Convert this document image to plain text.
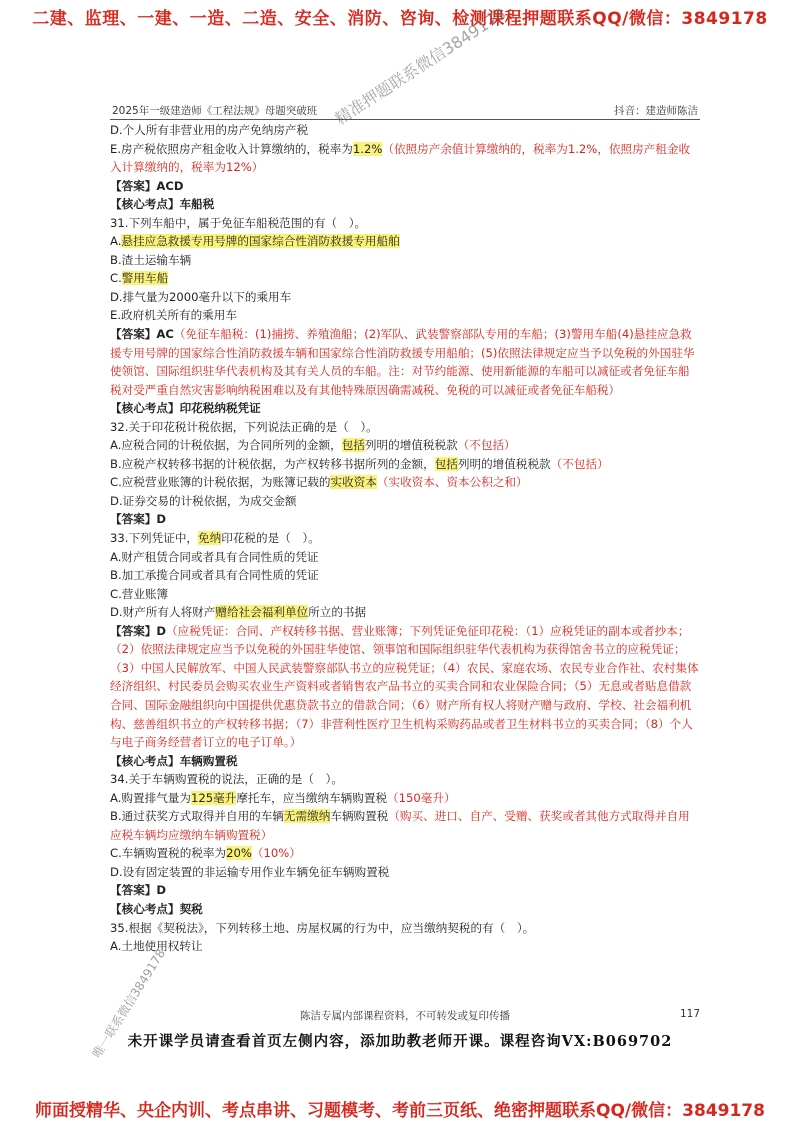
二建、监理、一建、一造、二造、安全、消防、咨询、检测课程押题联系QQ/微信：3849178
2025年一级建造师《工程法规》母题突破班	抖音：建造师陈洁

D.个人所有非营业用的房产免纳房产税

E.房产税依照房产租金收入计算缴纳的，税率为1.2%（依照房产余值计算缴纳的，税率为1.2%，依照房产租金收入计算缴纳的，税率为12%）

【答案】ACD

【核心考点】车船税

31.下列车船中，属于免征车船税范围的有（　）。

A.悬挂应急救援专用号牌的国家综合性消防救援专用船舶

B.渣土运输车辆

C.警用车船

D.排气量为2000毫升以下的乘用车

E.政府机关所有的乘用车

【答案】AC（免征车船税：(1)捕捞、养殖渔船；(2)军队、武装警察部队专用的车船；(3)警用车船(4)悬挂应急救援专用号牌的国家综合性消防救援车辆和国家综合性消防救援专用船舶；(5)依照法律规定应当予以免税的外国驻华使领馆、国际组织驻华代表机构及其有关人员的车船。注：对节约能源、使用新能源的车船可以减征或者免征车船税对受严重自然灾害影响纳税困难以及有其他特殊原因确需减税、免税的可以减征或者免征车船税）

【核心考点】印花税纳税凭证

32.关于印花税计税依据，下列说法正确的是（　）。

A.应税合同的计税依据，为合同所列的金额，包括列明的增值税税款（不包括）

B.应税产权转移书据的计税依据，为产权转移书据所列的金额，包括列明的增值税税款（不包括）

C.应税营业账簿的计税依据，为账簿记载的实收资本（实收资本、资本公积之和）

D.证券交易的计税依据，为成交金额

【答案】D

33.下列凭证中，免纳印花税的是（　）。

A.财产租赁合同或者具有合同性质的凭证

B.加工承揽合同或者具有合同性质的凭证

C.营业账簿

D.财产所有人将财产赠给社会福利单位所立的书据

【答案】D（应税凭证：合同、产权转移书据、营业账簿；下列凭证免征印花税：（1）应税凭证的副本或者抄本；（2）依照法律规定应当予以免税的外国驻华使馆、领事馆和国际组织驻华代表机构为获得馆舍书立的应税凭证；（3）中国人民解放军、中国人民武装警察部队书立的应税凭证；（4）农民、家庭农场、农民专业合作社、农村集体经济组织、村民委员会购买农业生产资料或者销售农产品书立的买卖合同和农业保险合同；（5）无息或者贴息借款合同、国际金融组织向中国提供优惠贷款书立的借款合同；（6）财产所有权人将财产赠与政府、学校、社会福利机构、慈善组织书立的产权转移书据；（7）非营利性医疗卫生机构采购药品或者卫生材料书立的买卖合同；（8）个人与电子商务经营者订立的电子订单。）

【核心考点】车辆购置税

34.关于车辆购置税的说法，正确的是（　）。

A.购置排气量为125毫升摩托车，应当缴纳车辆购置税（150毫升）

B.通过获奖方式取得并自用的车辆无需缴纳车辆购置税（购买、进口、自产、受赠、获奖或者其他方式取得并自用应税车辆均应缴纳车辆购置税）

C.车辆购置税的税率为20%（10%）

D.设有固定装置的非运输专用作业车辆免征车辆购置税

【答案】D

【核心考点】契税

35.根据《契税法》，下列转移土地、房屋权属的行为中，应当缴纳契税的有（　）。

A.土地使用权转让

陈洁专属内部课程资料，不可转发或复印传播	117
未开课学员请查看首页左侧内容，添加助教老师开课。课程咨询VX:B069702
师面授精华、央企内训、考点串讲、习题模考、考前三页纸、绝密押题联系QQ/微信：3849178
精准押题联系微信3849178
唯一联系微信3849178
